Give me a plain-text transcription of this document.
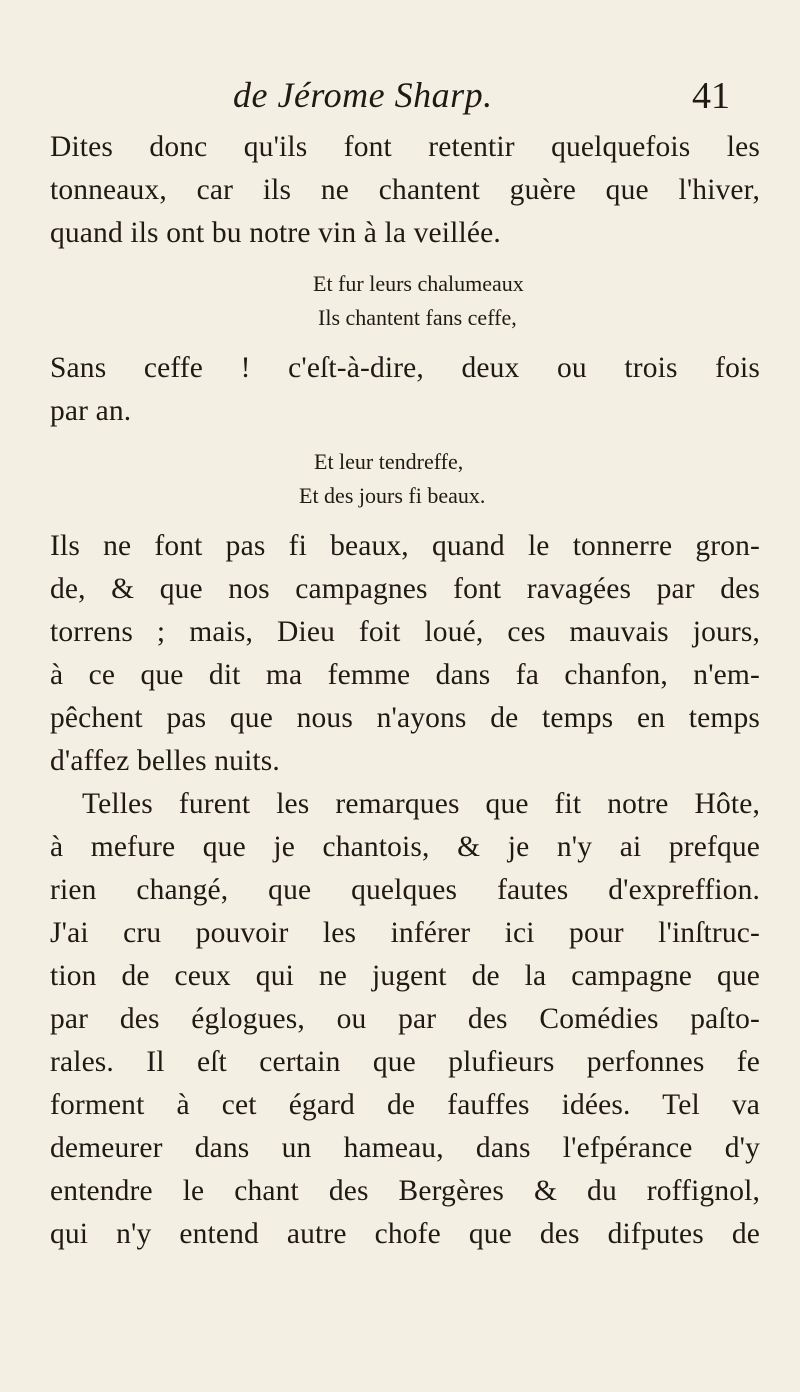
de Jérome Sharp.	41

Dites donc qu'ils font retentir quelquefois les
tonneaux, car ils ne chantent guère que l'hiver,
quand ils ont bu notre vin à la veillée.

Et fur leurs chalumeaux
Ils chantent fans ceffe,

Sans ceffe ! c'eſt-à-dire, deux ou trois fois
par an.

Et leur tendreffe,
Et des jours fi beaux.

Ils ne font pas fi beaux, quand le tonnerre gron-
de, & que nos campagnes font ravagées par des
torrens ; mais, Dieu foit loué, ces mauvais jours,
à ce que dit ma femme dans fa chanfon, n'em-
pêchent pas que nous n'ayons de temps en temps
d'affez belles nuits.

Telles furent les remarques que fit notre Hôte,
à mefure que je chantois, & je n'y ai prefque
rien changé, que quelques fautes d'expreffion.
J'ai cru pouvoir les inférer ici pour l'inſtruc-
tion de ceux qui ne jugent de la campagne que
par des églogues, ou par des Comédies paſto-
rales. Il eſt certain que plufieurs perfonnes fe
forment à cet égard de fauffes idées. Tel va
demeurer dans un hameau, dans l'efpérance d'y
entendre le chant des Bergères & du roffignol,
qui n'y entend autre chofe que des difputes de
